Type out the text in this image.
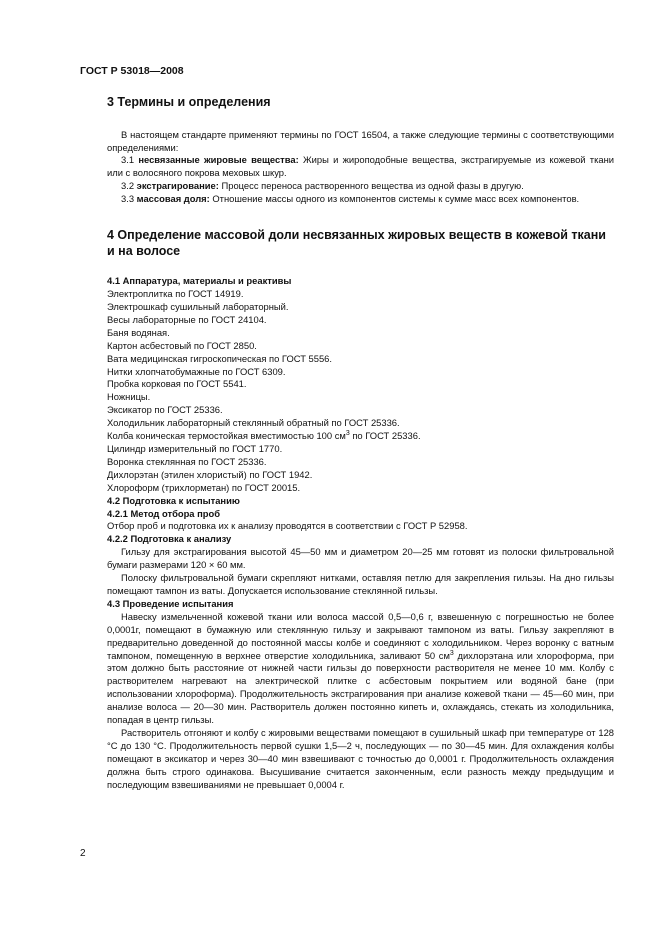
ГОСТ Р 53018—2008
3 Термины и определения

В настоящем стандарте применяют термины по ГОСТ 16504, а также следующие термины с соответствующими определениями:

3.1 несвязанные жировые вещества: Жиры и жироподобные вещества, экстрагируемые из кожевой ткани или с волосяного покрова меховых шкур.

3.2 экстрагирование: Процесс переноса растворенного вещества из одной фазы в другую.

3.3 массовая доля: Отношение массы одного из компонентов системы к сумме масс всех компонентов.

4 Определение массовой доли несвязанных жировых веществ в кожевой ткани и на волосе

4.1 Аппаратура, материалы и реактивы

Электроплитка по ГОСТ 14919.

Электрошкаф сушильный лабораторный.

Весы лабораторные по ГОСТ 24104.

Баня водяная.

Картон асбестовый по ГОСТ 2850.

Вата медицинская гигроскопическая по ГОСТ 5556.

Нитки хлопчатобумажные по ГОСТ 6309.

Пробка корковая по ГОСТ 5541.

Ножницы.

Эксикатор по ГОСТ 25336.

Холодильник лабораторный стеклянный обратный по ГОСТ 25336.

Колба коническая термостойкая вместимостью 100 $см^3$ по ГОСТ 25336.

Цилиндр измерительный по ГОСТ 1770.

Воронка стеклянная по ГОСТ 25336.

Дихлорэтан (этилен хлористый) по ГОСТ 1942.

Хлороформ (трихлорметан) по ГОСТ 20015.

4.2 Подготовка к испытанию

4.2.1 Метод отбора проб

Отбор проб и подготовка их к анализу проводятся в соответствии с ГОСТ Р 52958.

4.2.2 Подготовка к анализу

Гильзу для экстрагирования высотой 45—50 мм и диаметром 20—25 мм готовят из полоски фильтровальной бумаги размерами 120 × 60 мм.

Полоску фильтровальной бумаги скрепляют нитками, оставляя петлю для закрепления гильзы. На дно гильзы помещают тампон из ваты. Допускается использование стеклянной гильзы.

4.3 Проведение испытания

Навеску измельченной кожевой ткани или волоса массой 0,5—0,6 г, взвешенную с погрешностью не более 0,0001г, помещают в бумажную или стеклянную гильзу и закрывают тампоном из ваты. Гильзу закрепляют в предварительно доведенной до постоянной массы колбе и соединяют с холодильником. Через воронку с ватным тампоном, помещенную в верхнее отверстие холодильника, заливают 50 $см^3$ дихлорэтана или хлороформа, при этом должно быть расстояние от нижней части гильзы до поверхности растворителя не менее 10 мм. Колбу с растворителем нагревают на электрической плитке с асбестовым покрытием или водяной бане (при использовании хлороформа). Продолжительность экстрагирования при анализе кожевой ткани — 45—60 мин, при анализе волоса — 20—30 мин. Растворитель должен постоянно кипеть и, охлаждаясь, стекать из холодильника, попадая в центр гильзы.

Растворитель отгоняют и колбу с жировыми веществами помещают в сушильный шкаф при температуре от 128 °С до 130 °С. Продолжительность первой сушки 1,5—2 ч, последующих — по 30—45 мин. Для охлаждения колбы помещают в эксикатор и через 30—40 мин взвешивают с точностью до 0,0001 г. Продолжительность охлаждения должна быть строго одинакова. Высушивание считается законченным, если разность между предыдущим и последующим взвешиваниями не превышает 0,0004 г.

2
